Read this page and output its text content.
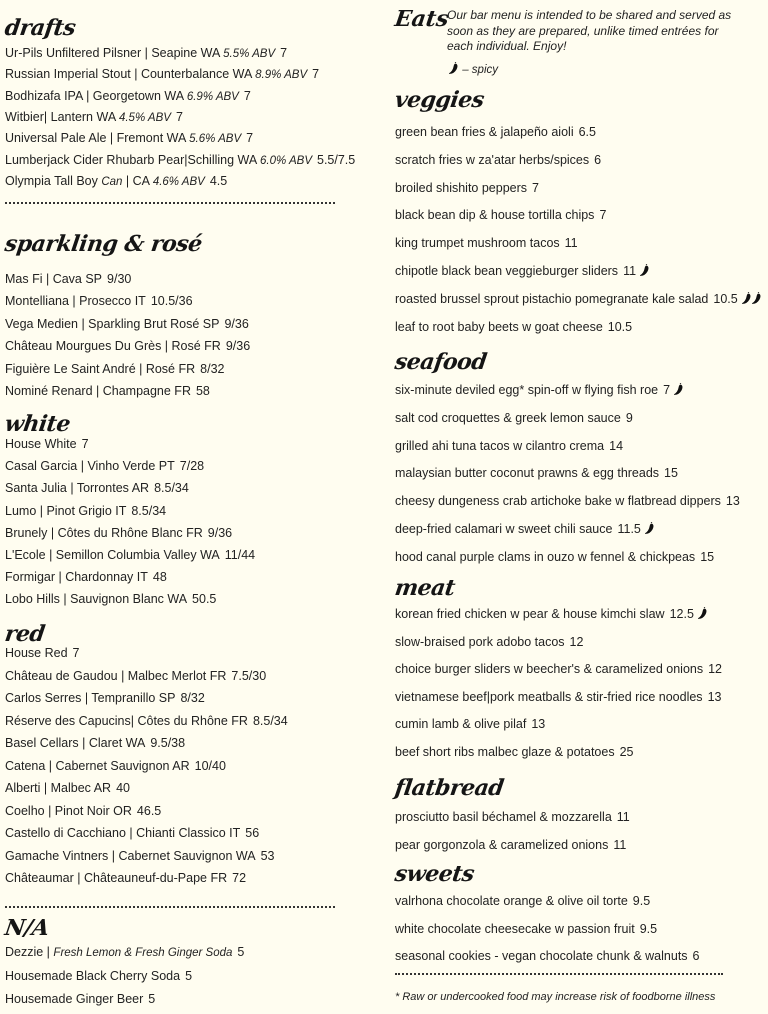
drafts
Ur-Pils Unfiltered Pilsner | Seapine WA 5.5% ABV 7
Russian Imperial Stout | Counterbalance WA 8.9% ABV 7
Bodhizafa IPA | Georgetown WA 6.9% ABV 7
Witbier| Lantern WA 4.5% ABV 7
Universal Pale Ale | Fremont WA 5.6% ABV 7
Lumberjack Cider Rhubarb Pear|Schilling WA 6.0% ABV 5.5/7.5
Olympia Tall Boy Can | CA 4.6% ABV 4.5
sparkling & rosé
Mas Fi | Cava SP 9/30
Montelliana | Prosecco IT 10.5/36
Vega Medien | Sparkling Brut Rosé SP 9/36
Château Mourgues Du Grès | Rosé FR 9/36
Figuière Le Saint André | Rosé FR 8/32
Nominé Renard | Champagne FR 58
white
House White 7
Casal Garcia | Vinho Verde PT 7/28
Santa Julia | Torrontes AR 8.5/34
Lumo | Pinot Grigio IT 8.5/34
Brunely | Côtes du Rhône Blanc FR 9/36
L'Ecole | Semillon Columbia Valley WA 11/44
Formigar | Chardonnay IT 48
Lobo Hills | Sauvignon Blanc WA 50.5
red
House Red 7
Château de Gaudou | Malbec Merlot FR 7.5/30
Carlos Serres | Tempranillo SP 8/32
Réserve des Capucins| Côtes du Rhône FR 8.5/34
Basel Cellars | Claret WA 9.5/38
Catena | Cabernet Sauvignon AR 10/40
Alberti | Malbec AR 40
Coelho | Pinot Noir OR 46.5
Castello di Cacchiano | Chianti Classico IT 56
Gamache Vintners | Cabernet Sauvignon WA 53
Châteaumar | Châteauneuf-du-Pape FR 72
N/A
Dezzie | Fresh Lemon & Fresh Ginger Soda 5
Housemade Black Cherry Soda 5
Housemade Ginger Beer 5
Eats
Our bar menu is intended to be shared and served as soon as they are prepared, unlike timed entrées for each individual. Enjoy!
– spicy
veggies
green bean fries & jalapeño aioli 6.5
scratch fries w za'atar herbs/spices 6
broiled shishito peppers 7
black bean dip & house tortilla chips 7
king trumpet mushroom tacos 11
chipotle black bean veggieburger sliders 11
roasted brussel sprout pistachio pomegranate kale salad 10.5
leaf to root baby beets w goat cheese 10.5
seafood
six-minute deviled egg* spin-off w flying fish roe 7
salt cod croquettes & greek lemon sauce 9
grilled ahi tuna tacos w cilantro crema 14
malaysian butter coconut prawns & egg threads 15
cheesy dungeness crab artichoke bake w flatbread dippers 13
deep-fried calamari w sweet chili sauce 11.5
hood canal purple clams in ouzo w fennel & chickpeas 15
meat
korean fried chicken w pear & house kimchi slaw 12.5
slow-braised pork adobo tacos 12
choice burger sliders w beecher's & caramelized onions 12
vietnamese beef|pork meatballs & stir-fried rice noodles 13
cumin lamb & olive pilaf 13
beef short ribs malbec glaze & potatoes 25
flatbread
prosciutto basil béchamel & mozzarella 11
pear gorgonzola & caramelized onions 11
sweets
valrhona chocolate orange & olive oil torte 9.5
white chocolate cheesecake w passion fruit 9.5
seasonal cookies - vegan chocolate chunk & walnuts 6
* Raw or undercooked food may increase risk of foodborne illness
